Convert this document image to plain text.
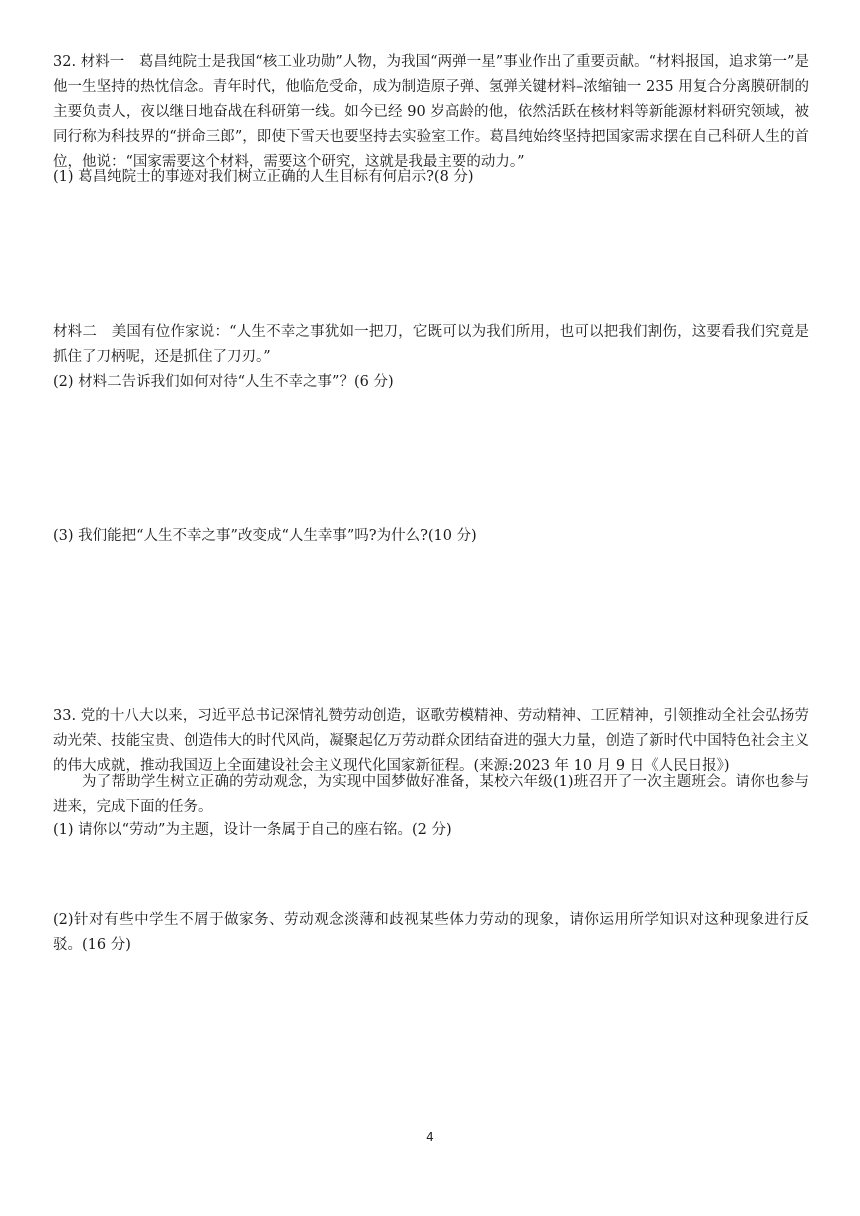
32. 材料一　葛昌纯院士是我国“核工业功勋”人物，为我国“两弹一星”事业作出了重要贡献。“材料报国，追求第一”是他一生坚持的热忱信念。青年时代，他临危受命，成为制造原子弹、氢弹关键材料–浓缩铀一 235 用复合分离膜研制的主要负责人，夜以继日地奋战在科研第一线。如今已经 90 岁高龄的他，依然活跃在核材料等新能源材料研究领域，被同行称为科技界的“拼命三郎”，即使下雪天也要坚持去实验室工作。葛昌纯始终坚持把国家需求摆在自己科研人生的首位，他说：“国家需要这个材料，需要这个研究，这就是我最主要的动力。”

(1) 葛昌纯院士的事迹对我们树立正确的人生目标有何启示?(8 分)

材料二　美国有位作家说：“人生不幸之事犹如一把刀，它既可以为我们所用，也可以把我们割伤，这要看我们究竟是抓住了刀柄呢，还是抓住了刀刃。”

(2) 材料二告诉我们如何对待“人生不幸之事”？(6 分)

(3) 我们能把“人生不幸之事”改变成“人生幸事”吗?为什么?(10 分)

33. 党的十八大以来，习近平总书记深情礼赞劳动创造，讴歌劳模精神、劳动精神、工匠精神，引领推动全社会弘扬劳动光荣、技能宝贵、创造伟大的时代风尚，凝聚起亿万劳动群众团结奋进的强大力量，创造了新时代中国特色社会主义的伟大成就，推动我国迈上全面建设社会主义现代化国家新征程。(来源:2023 年 10 月 9 日《人民日报》)

为了帮助学生树立正确的劳动观念，为实现中国梦做好准备，某校六年级(1)班召开了一次主题班会。请你也参与进来，完成下面的任务。

(1) 请你以“劳动”为主题，设计一条属于自己的座右铭。(2 分)

(2)针对有些中学生不屑于做家务、劳动观念淡薄和歧视某些体力劳动的现象，请你运用所学知识对这种现象进行反驳。(16 分)

4
